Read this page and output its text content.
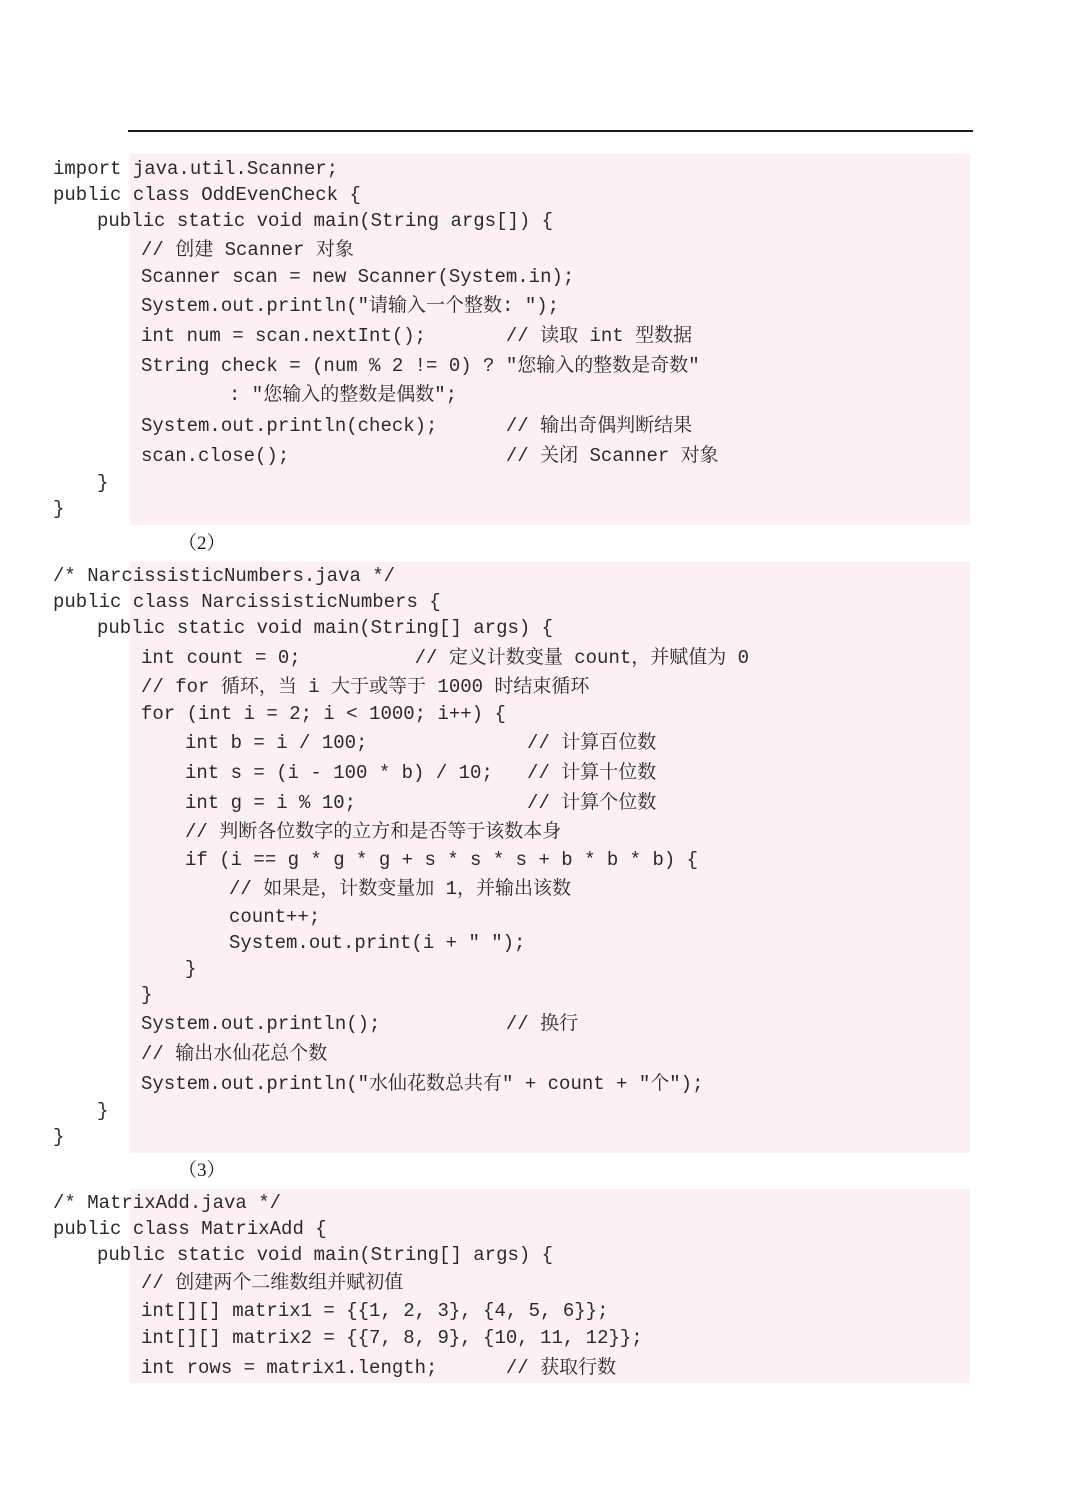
import java.util.Scanner;
public class OddEvenCheck {
public static void main(String args[]) {
// 创建 Scanner 对象
Scanner scan = new Scanner(System.in);
System.out.println("请输入一个整数: ");
int num = scan.nextInt();       // 读取 int 型数据
String check = (num % 2 != 0) ? "您输入的整数是奇数"
: "您输入的整数是偶数";
System.out.println(check);      // 输出奇偶判断结果
scan.close();                   // 关闭 Scanner 对象
}
}
（2）
/* NarcissisticNumbers.java */
public class NarcissisticNumbers {
public static void main(String[] args) {
int count = 0;          // 定义计数变量 count，并赋值为 0
// for 循环，当 i 大于或等于 1000 时结束循环
for (int i = 2; i < 1000; i++) {
int b = i / 100;              // 计算百位数
int s = (i - 100 * b) / 10;   // 计算十位数
int g = i % 10;               // 计算个位数
// 判断各位数字的立方和是否等于该数本身
if (i == g * g * g + s * s * s + b * b * b) {
// 如果是，计数变量加 1，并输出该数
count++;
System.out.print(i + " ");
}
}
System.out.println();           // 换行
// 输出水仙花总个数
System.out.println("水仙花数总共有" + count + "个");
}
}
（3）
/* MatrixAdd.java */
public class MatrixAdd {
public static void main(String[] args) {
// 创建两个二维数组并赋初值
int[][] matrix1 = {{1, 2, 3}, {4, 5, 6}};
int[][] matrix2 = {{7, 8, 9}, {10, 11, 12}};
int rows = matrix1.length;      // 获取行数
